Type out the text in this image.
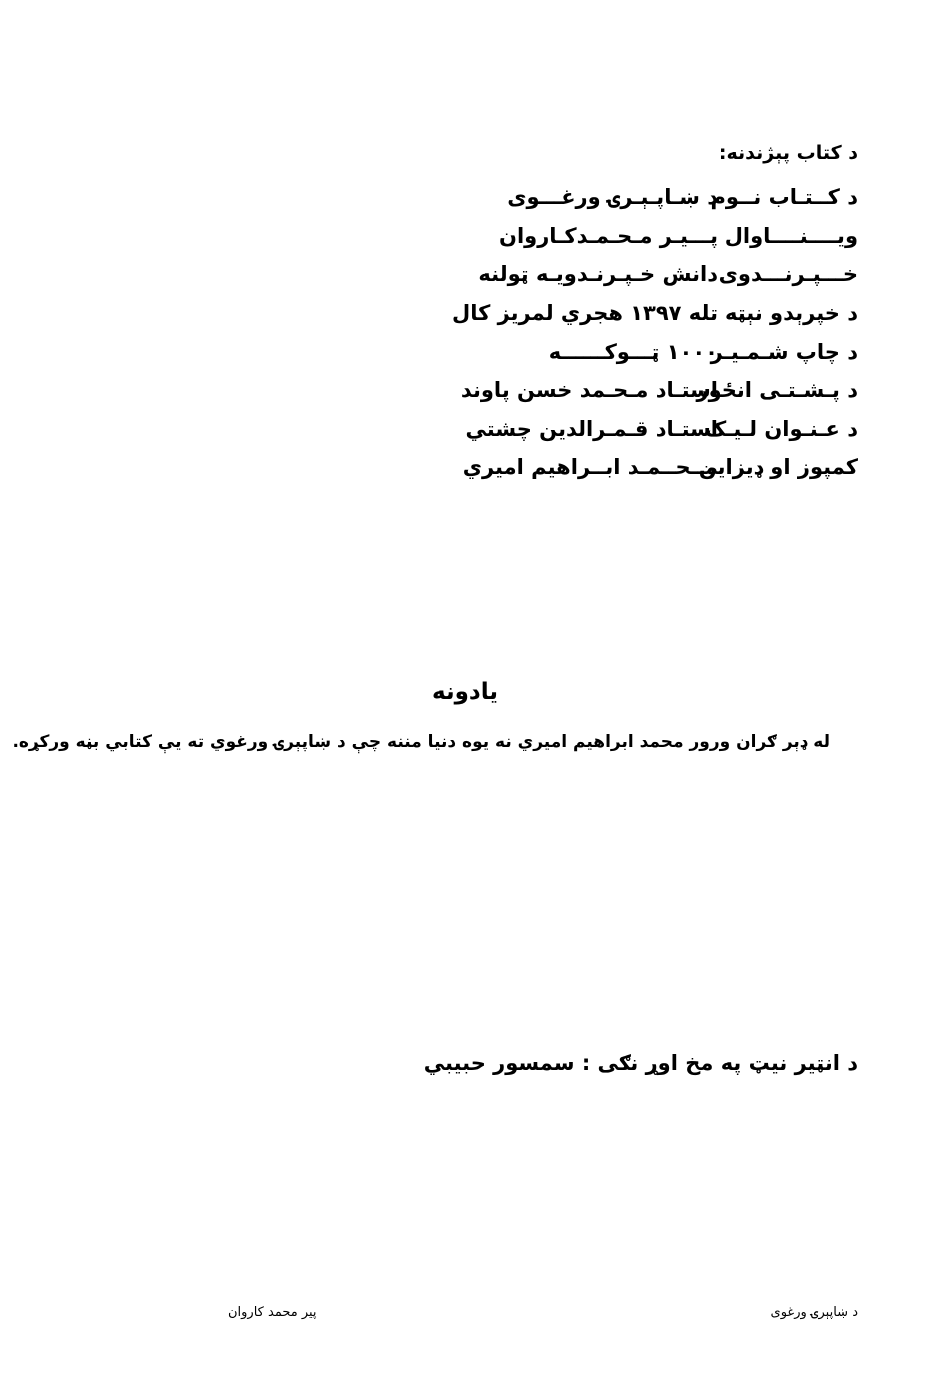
د کتاب پېژندنه:
د کــتـاب نــوم
د ښـاپـېـرۍ ورغـــوی
ویــــنــــاوال
پـــیـر مـحـمـدکـاروان
خـــپـرنـــدوی
دانش خـپـرنـدویـه ټولنه
د خپرېدو نېټه
تله ۱۳۹۷ هجري لمریز کال
د چاپ شـمـیـر
۱۰۰۰ ټـــوکــــــه
د پـشـتـی انځور
استـاد مـحـمد خسن پاوند
د عـنـوان لـیـک
استـاد قـمـرالدین چشتي
کمپوز او ډیزاین
مــحــمـد ابــراهیم امیري
یادونه
له ډېر ګران ورور محمد ابراهیم امیري نه یوه دنیا مننه چې د ښاپېرۍ ورغوي ته یې کتابي بڼه ورکړه.
د انټیر نیټ په مخ اوړ نګی : سمسور حبیبي
د ښاپېرۍ ورغوی
پیر محمد کاروان
